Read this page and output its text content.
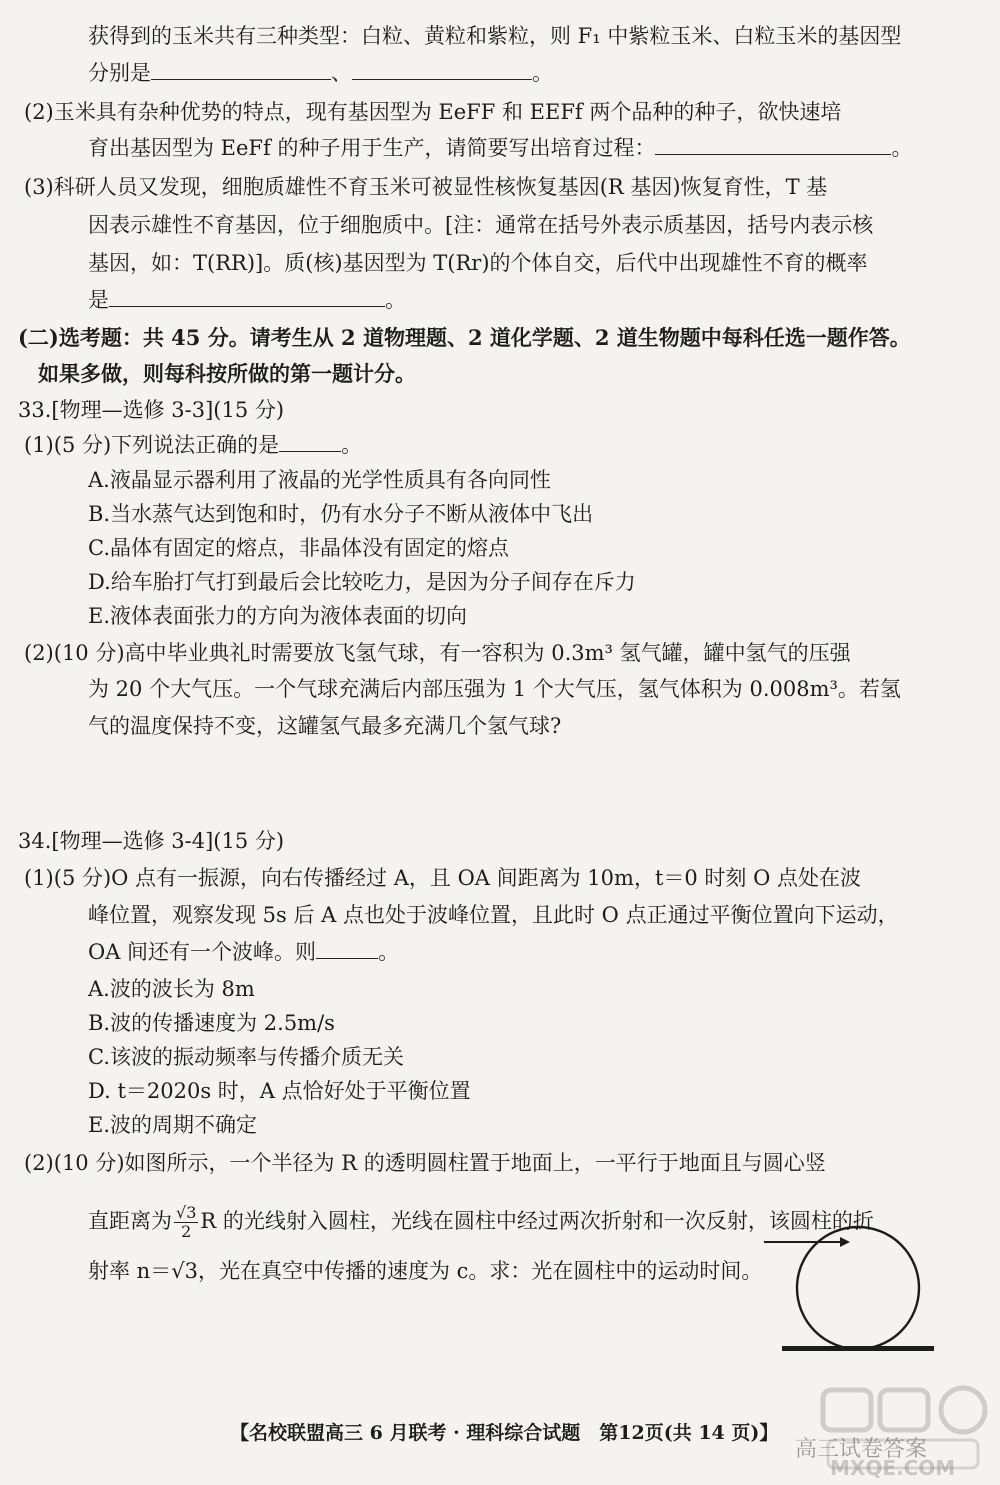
获得到的玉米共有三种类型：白粒、黄粒和紫粒，则 F₁ 中紫粒玉米、白粒玉米的基因型
分别是	、	。
(2)玉米具有杂种优势的特点，现有基因型为 EeFF 和 EEFf 两个品种的种子，欲快速培
育出基因型为 EeFf 的种子用于生产，请简要写出培育过程：	。
(3)科研人员又发现，细胞质雄性不育玉米可被显性核恢复基因(R 基因)恢复育性，T 基
因表示雄性不育基因，位于细胞质中。[注：通常在括号外表示质基因，括号内表示核
基因，如：T(RR)]。质(核)基因型为 T(Rr)的个体自交，后代中出现雄性不育的概率
是	。
(二)选考题：共 45 分。请考生从 2 道物理题、2 道化学题、2 道生物题中每科任选一题作答。
如果多做，则每科按所做的第一题计分。
33.[物理—选修 3-3](15 分)
(1)(5 分)下列说法正确的是	。
A.液晶显示器利用了液晶的光学性质具有各向同性
B.当水蒸气达到饱和时，仍有水分子不断从液体中飞出
C.晶体有固定的熔点，非晶体没有固定的熔点
D.给车胎打气打到最后会比较吃力，是因为分子间存在斥力
E.液体表面张力的方向为液体表面的切向
(2)(10 分)高中毕业典礼时需要放飞氢气球，有一容积为 0.3m³ 氢气罐，罐中氢气的压强
为 20 个大气压。一个气球充满后内部压强为 1 个大气压，氢气体积为 0.008m³。若氢
气的温度保持不变，这罐氢气最多充满几个氢气球?
34.[物理—选修 3-4](15 分)
(1)(5 分)O 点有一振源，向右传播经过 A，且 OA 间距离为 10m，t＝0 时刻 O 点处在波
峰位置，观察发现 5s 后 A 点也处于波峰位置，且此时 O 点正通过平衡位置向下运动，
OA 间还有一个波峰。则	。
A.波的波长为 8m
B.波的传播速度为 2.5m/s
C.该波的振动频率与传播介质无关
D. t＝2020s 时，A 点恰好处于平衡位置
E.波的周期不确定
(2)(10 分)如图所示，一个半径为 R 的透明圆柱置于地面上，一平行于地面且与圆心竖
直距离为 $\frac{√3}{2}$ R 的光线射入圆柱，光线在圆柱中经过两次折射和一次反射，该圆柱的折
射率 n＝√3，光在真空中传播的速度为 c。求：光在圆柱中的运动时间。
【名校联盟高三 6 月联考 · 理科综合试题　第12页(共 14 页)】
高三试卷答案
MXQE.COM
